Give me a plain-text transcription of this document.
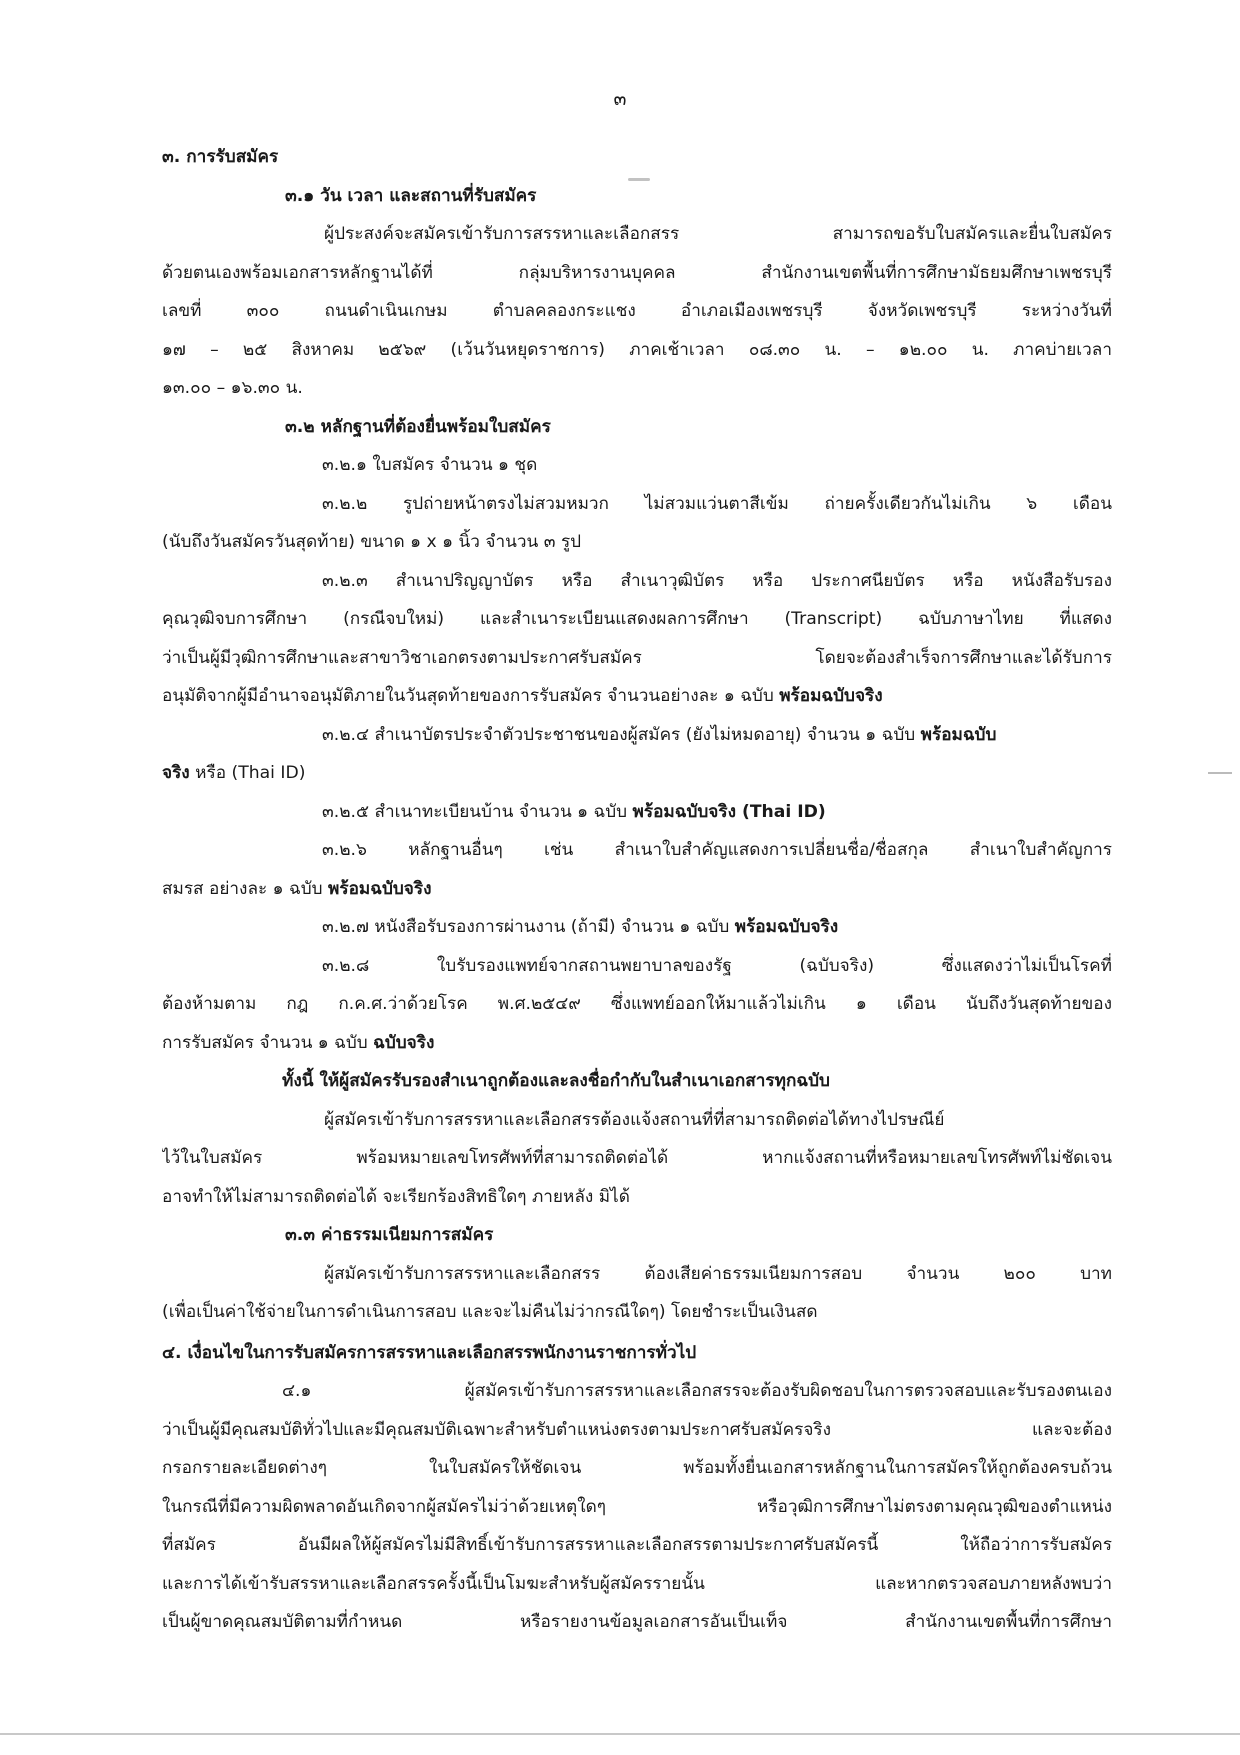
๓
๓. การรับสมัคร
๓.๑ วัน เวลา และสถานที่รับสมัคร
ผู้ประสงค์จะสมัครเข้ารับการสรรหาและเลือกสรร สามารถขอรับใบสมัครและยื่นใบสมัคร
ด้วยตนเองพร้อมเอกสารหลักฐานได้ที่ กลุ่มบริหารงานบุคคล สำนักงานเขตพื้นที่การศึกษามัธยมศึกษาเพชรบุรี
เลขที่ ๓๐๐ ถนนดำเนินเกษม ตำบลคลองกระแชง อำเภอเมืองเพชรบุรี จังหวัดเพชรบุรี ระหว่างวันที่
๑๗ – ๒๕ สิงหาคม ๒๕๖๙ (เว้นวันหยุดราชการ) ภาคเช้าเวลา ๐๘.๓๐ น. – ๑๒.๐๐ น. ภาคบ่ายเวลา
๑๓.๐๐ – ๑๖.๓๐ น.
๓.๒ หลักฐานที่ต้องยื่นพร้อมใบสมัคร
๓.๒.๑ ใบสมัคร จำนวน ๑ ชุด
๓.๒.๒ รูปถ่ายหน้าตรงไม่สวมหมวก ไม่สวมแว่นตาสีเข้ม ถ่ายครั้งเดียวกันไม่เกิน ๖ เดือน
(นับถึงวันสมัครวันสุดท้าย) ขนาด ๑ x ๑ นิ้ว จำนวน ๓ รูป
๓.๒.๓ สำเนาปริญญาบัตร หรือ สำเนาวุฒิบัตร หรือ ประกาศนียบัตร หรือ หนังสือรับรอง
คุณวุฒิจบการศึกษา (กรณีจบใหม่) และสำเนาระเบียนแสดงผลการศึกษา (Transcript) ฉบับภาษาไทย ที่แสดง
ว่าเป็นผู้มีวุฒิการศึกษาและสาขาวิชาเอกตรงตามประกาศรับสมัคร โดยจะต้องสำเร็จการศึกษาและได้รับการ
อนุมัติจากผู้มีอำนาจอนุมัติภายในวันสุดท้ายของการรับสมัคร จำนวนอย่างละ ๑ ฉบับ พร้อมฉบับจริง
๓.๒.๔ สำเนาบัตรประจำตัวประชาชนของผู้สมัคร (ยังไม่หมดอายุ) จำนวน ๑ ฉบับ พร้อมฉบับ
จริง หรือ (Thai ID)
๓.๒.๕ สำเนาทะเบียนบ้าน จำนวน ๑ ฉบับ พร้อมฉบับจริง (Thai ID)
๓.๒.๖ หลักฐานอื่นๆ เช่น สำเนาใบสำคัญแสดงการเปลี่ยนชื่อ/ชื่อสกุล สำเนาใบสำคัญการ
สมรส อย่างละ ๑ ฉบับ พร้อมฉบับจริง
๓.๒.๗ หนังสือรับรองการผ่านงาน (ถ้ามี) จำนวน ๑ ฉบับ พร้อมฉบับจริง
๓.๒.๘ ใบรับรองแพทย์จากสถานพยาบาลของรัฐ (ฉบับจริง) ซึ่งแสดงว่าไม่เป็นโรคที่
ต้องห้ามตาม กฎ ก.ค.ศ.ว่าด้วยโรค พ.ศ.๒๕๔๙ ซึ่งแพทย์ออกให้มาแล้วไม่เกิน ๑ เดือน นับถึงวันสุดท้ายของ
การรับสมัคร จำนวน ๑ ฉบับ ฉบับจริง
ทั้งนี้ ให้ผู้สมัครรับรองสำเนาถูกต้องและลงชื่อกำกับในสำเนาเอกสารทุกฉบับ
ผู้สมัครเข้ารับการสรรหาและเลือกสรรต้องแจ้งสถานที่ที่สามารถติดต่อได้ทางไปรษณีย์
ไว้ในใบสมัคร พร้อมหมายเลขโทรศัพท์ที่สามารถติดต่อได้ หากแจ้งสถานที่หรือหมายเลขโทรศัพท์ไม่ชัดเจน
อาจทำให้ไม่สามารถติดต่อได้ จะเรียกร้องสิทธิใดๆ ภายหลัง มิได้
๓.๓ ค่าธรรมเนียมการสมัคร
ผู้สมัครเข้ารับการสรรหาและเลือกสรร ต้องเสียค่าธรรมเนียมการสอบ จำนวน ๒๐๐ บาท
(เพื่อเป็นค่าใช้จ่ายในการดำเนินการสอบ และจะไม่คืนไม่ว่ากรณีใดๆ) โดยชำระเป็นเงินสด
๔. เงื่อนไขในการรับสมัครการสรรหาและเลือกสรรพนักงานราชการทั่วไป
๔.๑ ผู้สมัครเข้ารับการสรรหาและเลือกสรรจะต้องรับผิดชอบในการตรวจสอบและรับรองตนเอง
ว่าเป็นผู้มีคุณสมบัติทั่วไปและมีคุณสมบัติเฉพาะสำหรับตำแหน่งตรงตามประกาศรับสมัครจริง และจะต้อง
กรอกรายละเอียดต่างๆ ในใบสมัครให้ชัดเจน พร้อมทั้งยื่นเอกสารหลักฐานในการสมัครให้ถูกต้องครบถ้วน
ในกรณีที่มีความผิดพลาดอันเกิดจากผู้สมัครไม่ว่าด้วยเหตุใดๆ หรือวุฒิการศึกษาไม่ตรงตามคุณวุฒิของตำแหน่ง
ที่สมัคร อันมีผลให้ผู้สมัครไม่มีสิทธิ์เข้ารับการสรรหาและเลือกสรรตามประกาศรับสมัครนี้ ให้ถือว่าการรับสมัคร
และการได้เข้ารับสรรหาและเลือกสรรครั้งนี้เป็นโมฆะสำหรับผู้สมัครรายนั้น และหากตรวจสอบภายหลังพบว่า
เป็นผู้ขาดคุณสมบัติตามที่กำหนด หรือรายงานข้อมูลเอกสารอันเป็นเท็จ สำนักงานเขตพื้นที่การศึกษา
